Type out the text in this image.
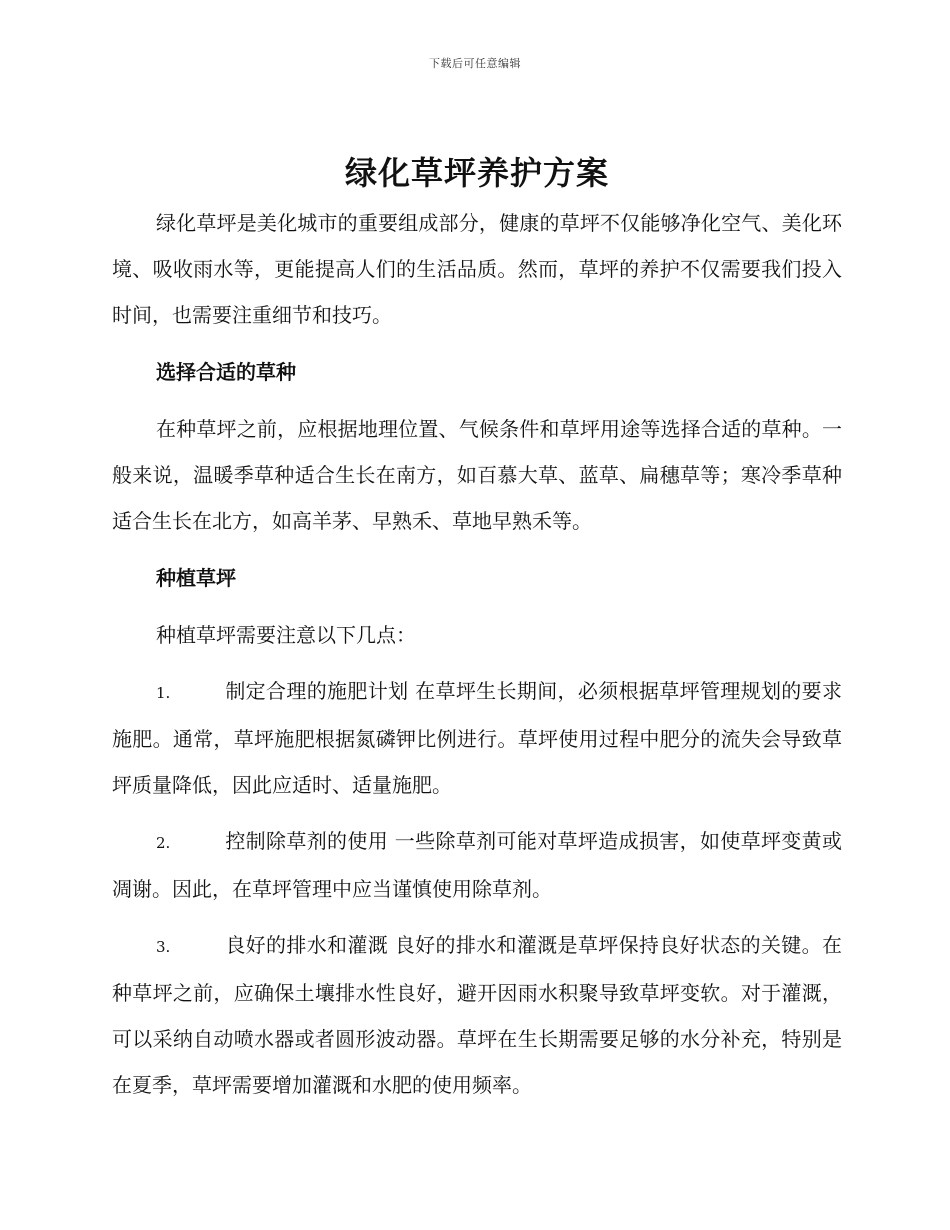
下载后可任意编辑
绿化草坪养护方案

绿化草坪是美化城市的重要组成部分，健康的草坪不仅能够净化空气、美化环境、吸收雨水等，更能提高人们的生活品质。然而，草坪的养护不仅需要我们投入时间，也需要注重细节和技巧。

选择合适的草种

在种草坪之前，应根据地理位置、气候条件和草坪用途等选择合适的草种。一般来说，温暖季草种适合生长在南方，如百慕大草、蓝草、扁穗草等；寒冷季草种适合生长在北方，如高羊茅、早熟禾、草地早熟禾等。

种植草坪

种植草坪需要注意以下几点：

1.	制定合理的施肥计划 在草坪生长期间，必须根据草坪管理规划的要求施肥。通常，草坪施肥根据氮磷钾比例进行。草坪使用过程中肥分的流失会导致草坪质量降低，因此应适时、适量施肥。

2.	控制除草剂的使用 一些除草剂可能对草坪造成损害，如使草坪变黄或凋谢。因此，在草坪管理中应当谨慎使用除草剂。

3.	良好的排水和灌溉 良好的排水和灌溉是草坪保持良好状态的关键。在种草坪之前，应确保土壤排水性良好，避开因雨水积聚导致草坪变软。对于灌溉，可以采纳自动喷水器或者圆形波动器。草坪在生长期需要足够的水分补充，特别是在夏季，草坪需要增加灌溉和水肥的使用频率。
